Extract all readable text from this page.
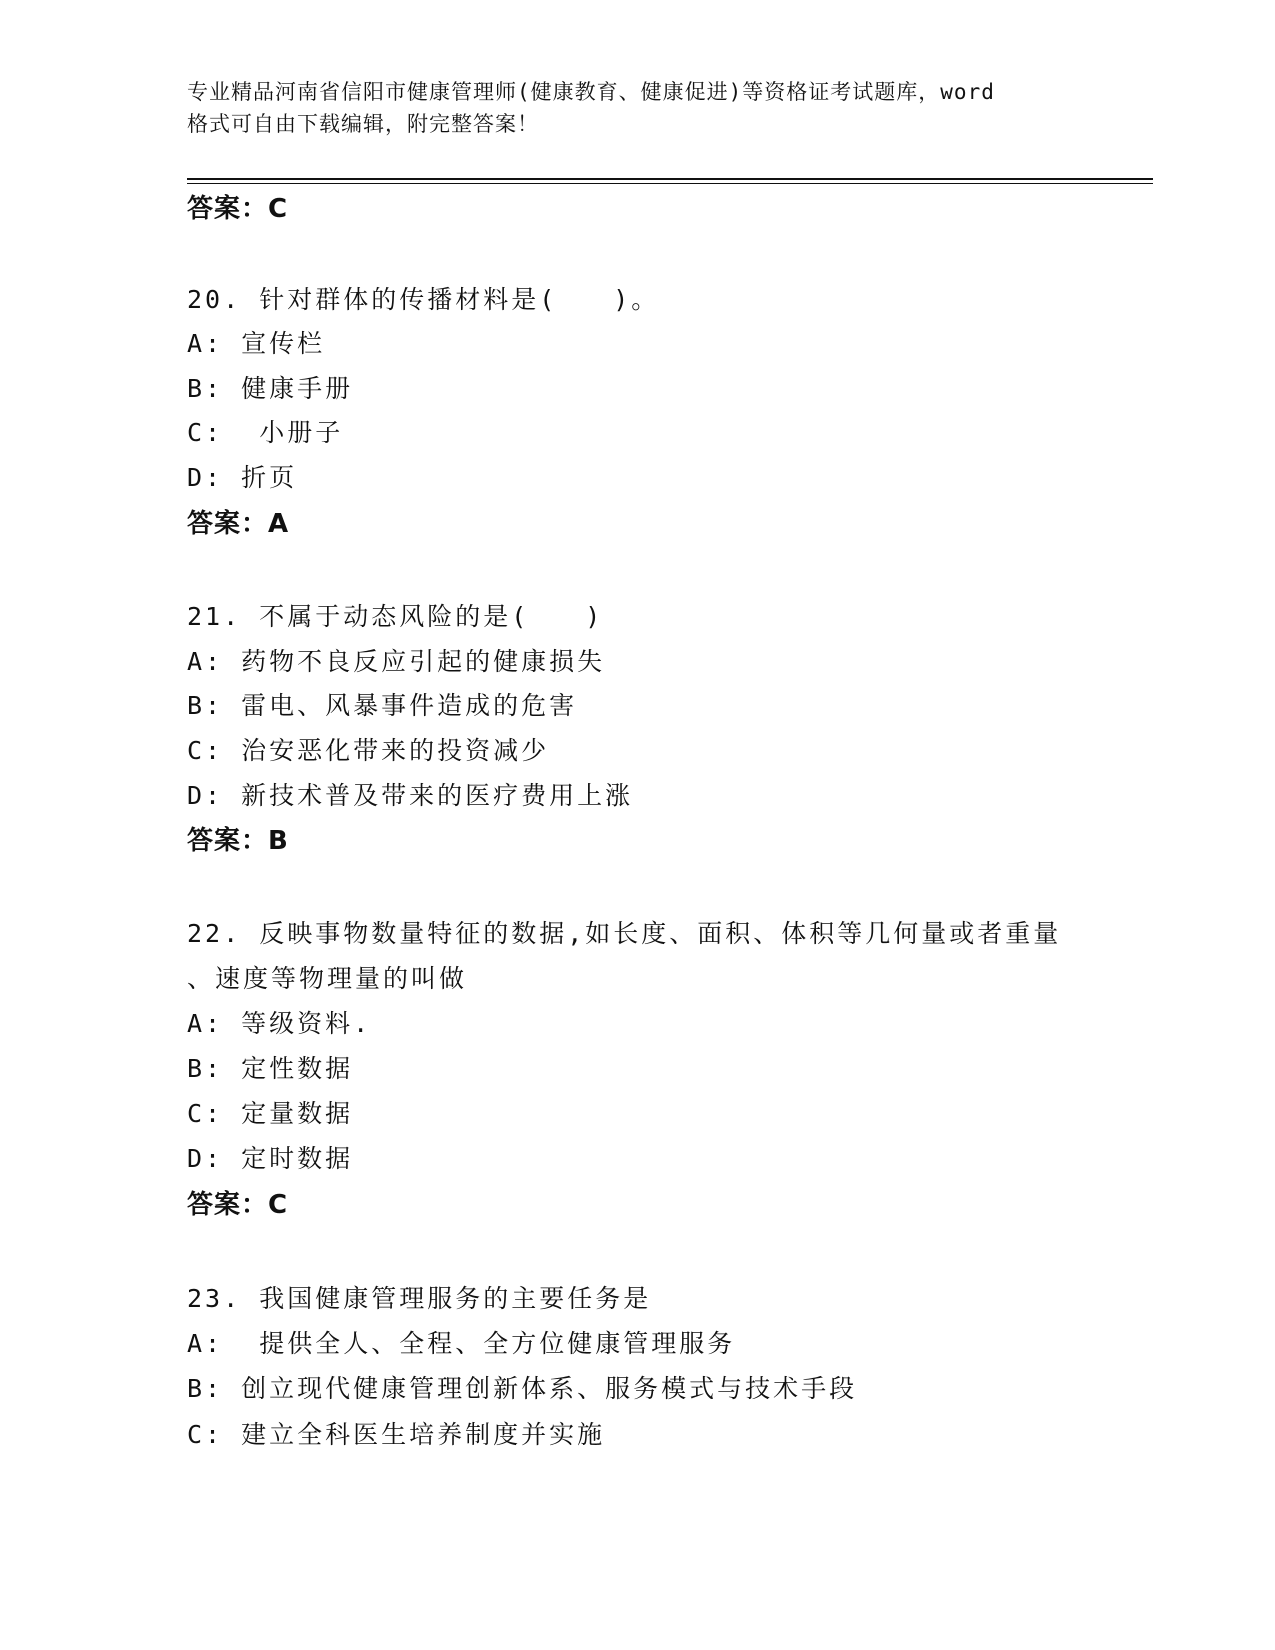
专业精品河南省信阳市健康管理师(健康教育、健康促进)等资格证考试题库，word
格式可自由下载编辑，附完整答案！
答案：C
20. 针对群体的传播材料是(　　)。
A: 宣传栏
B: 健康手册
C:  小册子
D: 折页
答案：A
21. 不属于动态风险的是(　　)
A: 药物不良反应引起的健康损失
B: 雷电、风暴事件造成的危害
C: 治安恶化带来的投资减少
D: 新技术普及带来的医疗费用上涨
答案：B
22. 反映事物数量特征的数据,如长度、面积、体积等几何量或者重量
、速度等物理量的叫做
A: 等级资料.
B: 定性数据
C: 定量数据
D: 定时数据
答案：C
23. 我国健康管理服务的主要任务是
A:  提供全人、全程、全方位健康管理服务
B: 创立现代健康管理创新体系、服务模式与技术手段
C: 建立全科医生培养制度并实施
